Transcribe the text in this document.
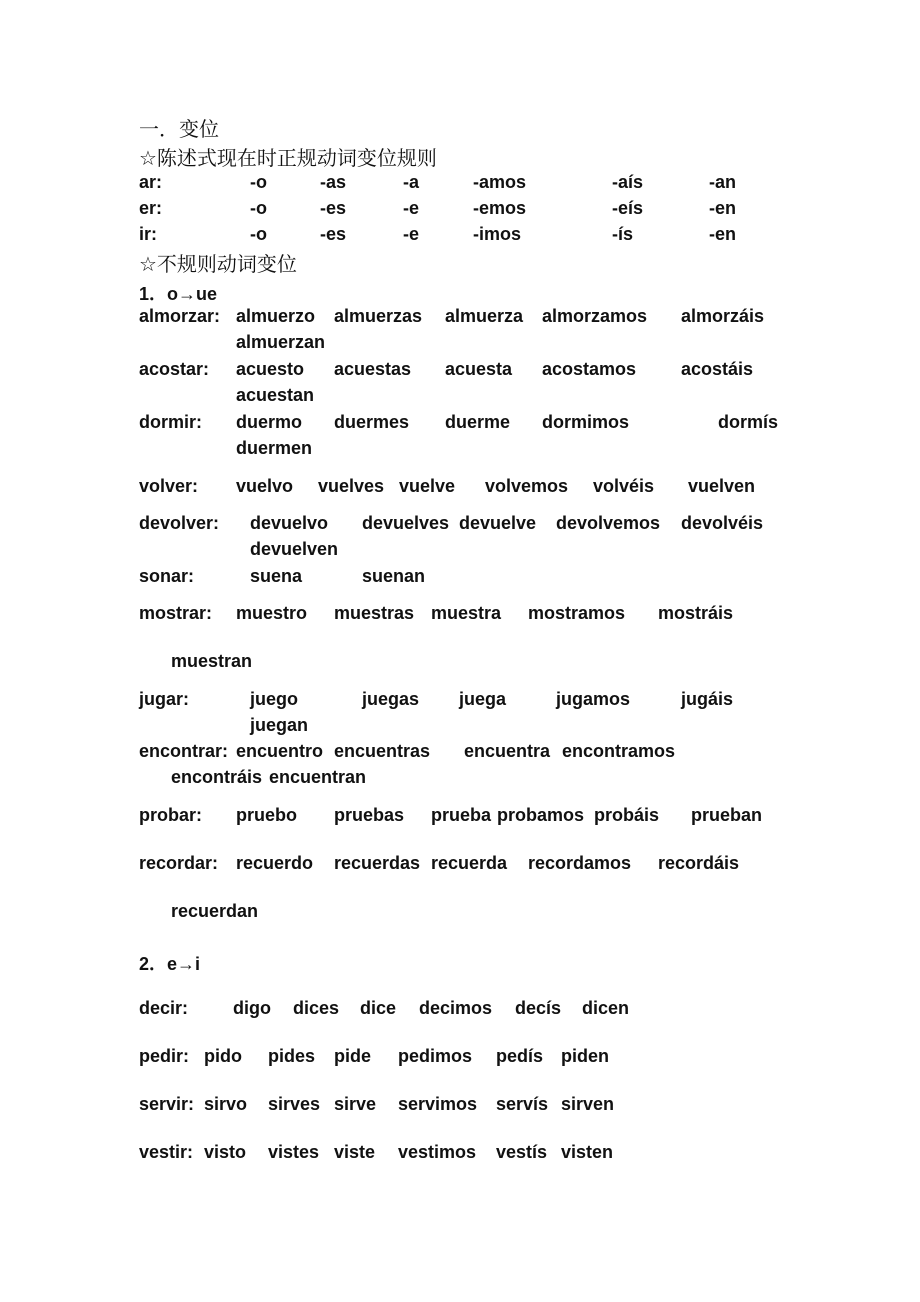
一．变位
☆陈述式现在时正规动词变位规则
ar:	-o	-as	-a	-amos	-aís	-an
er:	-o	-es	-e	-emos	-eís	-en
ir:	-o	-es	-e	-imos	-ís	-en
☆不规则动词变位
1．o→ue
almorzar: almuerzo almuerzas almuerza almorzamos almorzáis
almuerzan
acostar: acuesto acuestas acuesta acostamos acostáis
acuestan
dormir: duermo duermes duerme dormimos	dormís
duermen
volver: vuelvo vuelves vuelve volvemos volvéis vuelven
devolver: devuelvo devuelves devuelve devolvemos devolvéis
devuelven
sonar:	suena	suenan
mostrar: muestro muestras muestra mostramos mostráis
muestran
jugar:	juego	juegas juega	jugamos	jugáis
juegan
encontrar: encuentro encuentras encuentra encontramos
encontráis encuentran
probar: pruebo pruebas prueba probamos probáis prueban
recordar: recuerdo recuerdas recuerda recordamos recordáis
recuerdan
2．e→i
decir: digo dices dice decimos decís dicen
pedir: pido pides pide pedimos pedís piden
servir: sirvo sirves sirve servimos servís sirven
vestir: visto vistes viste vestimos vestís visten
